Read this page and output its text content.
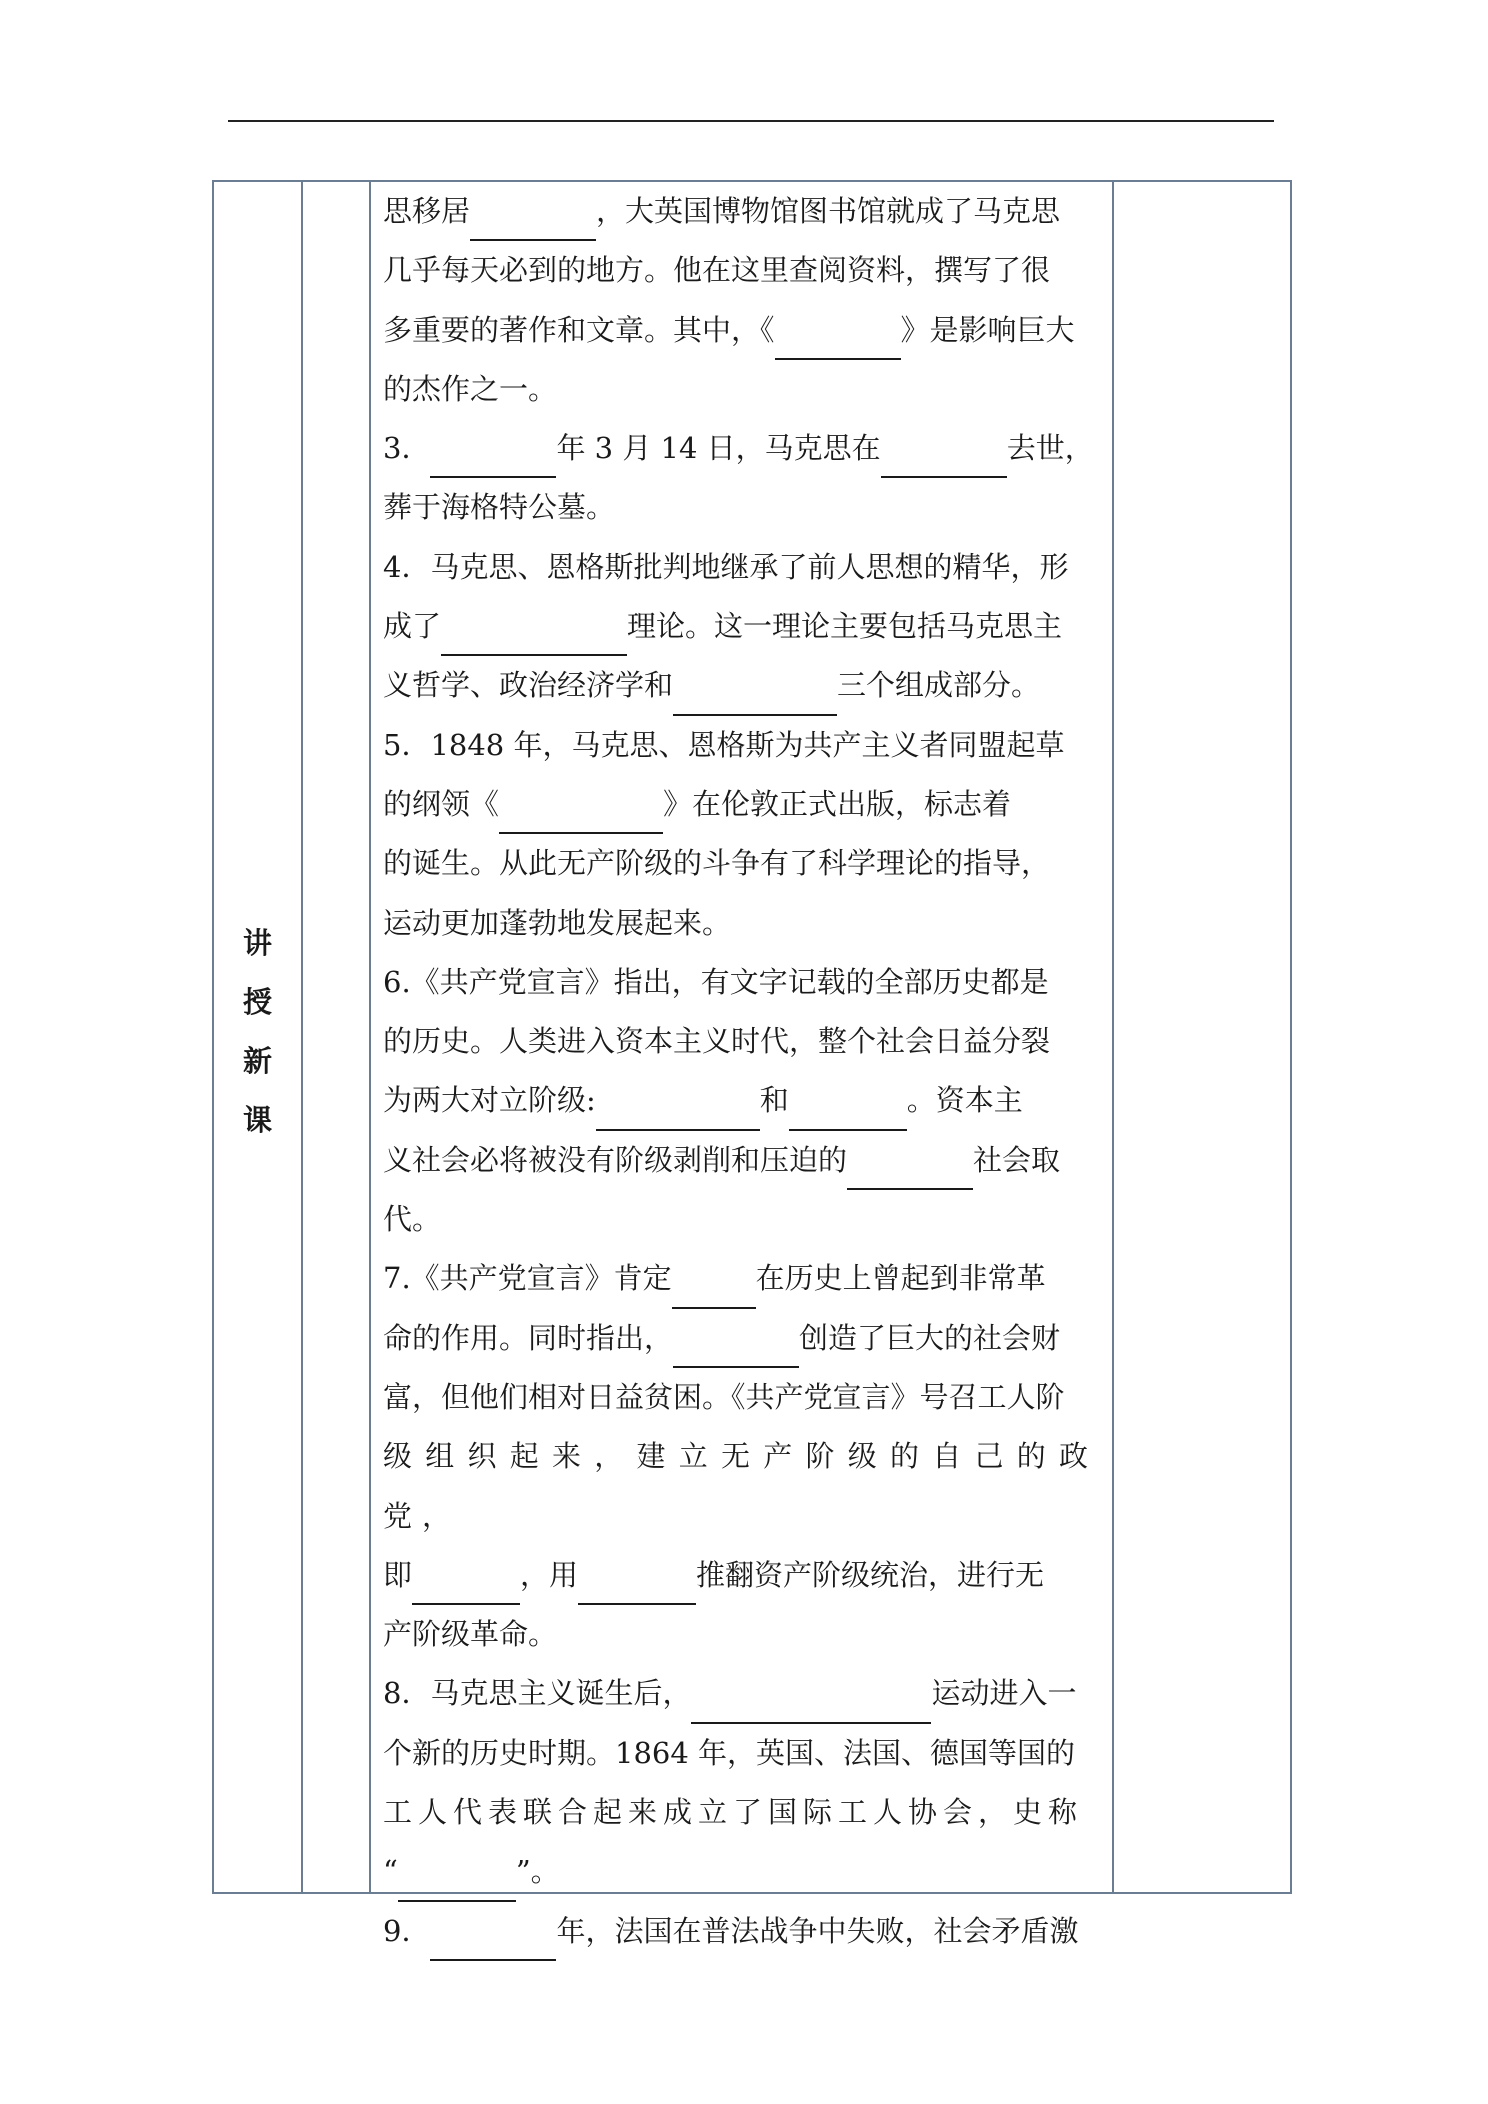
讲
授
新
课

思移居	，大英国博物馆图书馆就成了马克思

几乎每天必到的地方。他在这里查阅资料，撰写了很

多重要的著作和文章。其中，《	》是影响巨大

的杰作之一。

3．	年 3 月 14 日，马克思在	去世，

葬于海格特公墓。

4．马克思、恩格斯批判地继承了前人思想的精华，形

成了	理论。这一理论主要包括马克思主

义哲学、政治经济学和	三个组成部分。

5．1848 年，马克思、恩格斯为共产主义者同盟起草

的纲领《	》在伦敦正式出版，标志着

的诞生。从此无产阶级的斗争有了科学理论的指导，

运动更加蓬勃地发展起来。

6.《共产党宣言》指出，有文字记载的全部历史都是

的历史。人类进入资本主义时代，整个社会日益分裂

为两大对立阶级:	和	。资本主

义社会必将被没有阶级剥削和压迫的	社会取

代。

7.《共产党宣言》肯定	在历史上曾起到非常革

命的作用。同时指出，	创造了巨大的社会财

富，但他们相对日益贫困。《共产党宣言》号召工人阶

级组织起来，建立无产阶级的自己的政党，

即	，用	推翻资产阶级统治，进行无

产阶级革命。

8．马克思主义诞生后，	运动进入一

个新的历史时期。1864 年，英国、法国、德国等国的

工人代表联合起来成立了国际工人协会，史称

“	”。

9．	年，法国在普法战争中失败，社会矛盾激
